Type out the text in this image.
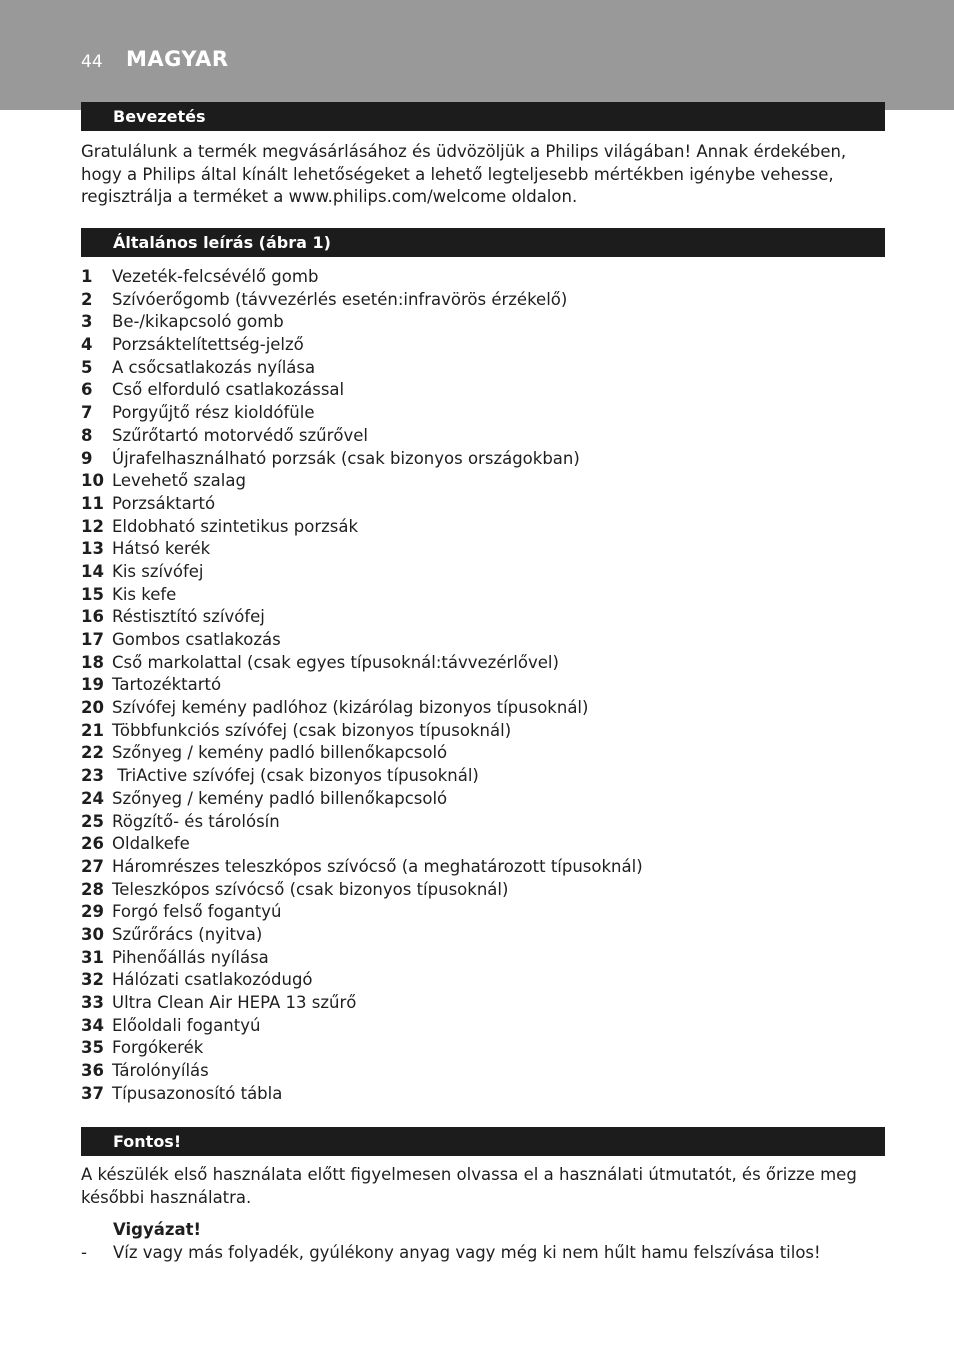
44 MAGYAR
Bevezetés

Gratulálunk a termék megvásárlásához és üdvözöljük a Philips világában! Annak érdekében, hogy a Philips által kínált lehetőségeket a lehető legteljesebb mértékben igénybe vehesse, regisztrálja a terméket a www.philips.com/welcome oldalon.

Általános leírás (ábra 1)
1 Vezeték-felcsévélő gomb
2 Szívóerőgomb (távvezérlés esetén:infravörös érzékelő)
3 Be-/kikapcsoló gomb
4 Porzsáktelítettség-jelző
5 A csőcsatlakozás nyílása
6 Cső elforduló csatlakozással
7 Porgyűjtő rész kioldófüle
8 Szűrőtartó motorvédő szűrővel
9 Újrafelhasználható porzsák (csak bizonyos országokban)
10 Levehető szalag
11 Porzsáktartó
12 Eldobható szintetikus porzsák
13 Hátsó kerék
14 Kis szívófej
15 Kis kefe
16 Réstisztító szívófej
17 Gombos csatlakozás
18 Cső markolattal (csak egyes típusoknál:távvezérlővel)
19 Tartozéktartó
20 Szívófej kemény padlóhoz (kizárólag bizonyos típusoknál)
21 Többfunkciós szívófej (csak bizonyos típusoknál)
22 Szőnyeg / kemény padló billenőkapcsoló
23 TriActive szívófej (csak bizonyos típusoknál)
24 Szőnyeg / kemény padló billenőkapcsoló
25 Rögzítő- és tárolósín
26 Oldalkefe
27 Háromrészes teleszkópos szívócső (a meghatározott típusoknál)
28 Teleszkópos szívócső (csak bizonyos típusoknál)
29 Forgó felső fogantyú
30 Szűrőrács (nyitva)
31 Pihenőállás nyílása
32 Hálózati csatlakozódugó
33 Ultra Clean Air HEPA 13 szűrő
34 Előoldali fogantyú
35 Forgókerék
36 Tárolónyílás
37 Típusazonosító tábla
Fontos!

A készülék első használata előtt figyelmesen olvassa el a használati útmutatót, és őrizze meg későbbi használatra.

Vigyázat!
- Víz vagy más folyadék, gyúlékony anyag vagy még ki nem hűlt hamu felszívása tilos!
